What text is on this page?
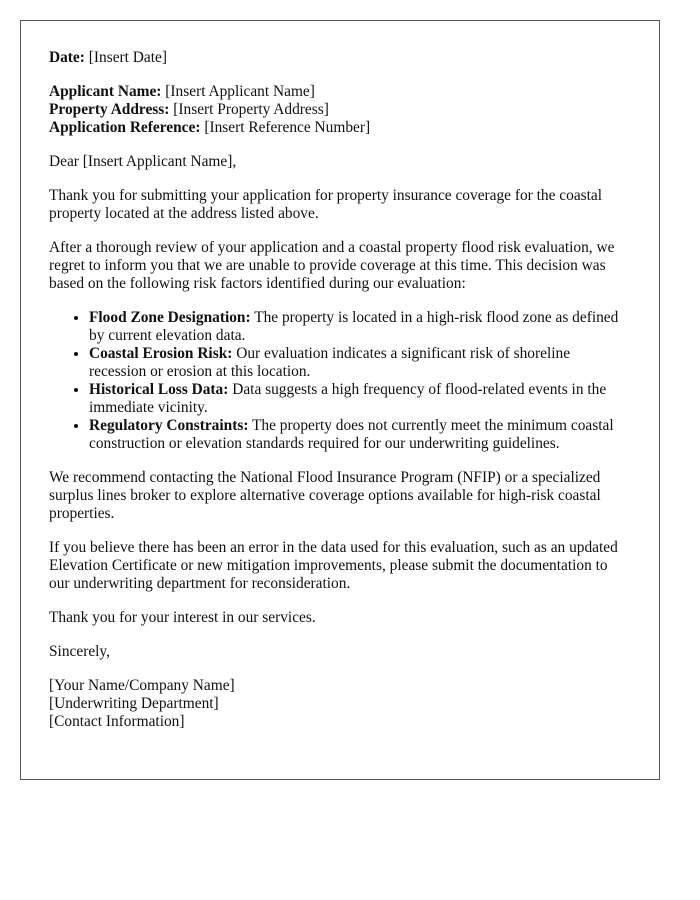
Date: [Insert Date]

Applicant Name: [Insert Applicant Name]
Property Address: [Insert Property Address]
Application Reference: [Insert Reference Number]

Dear [Insert Applicant Name],

Thank you for submitting your application for property insurance coverage for the coastal property located at the address listed above.

After a thorough review of your application and a coastal property flood risk evaluation, we regret to inform you that we are unable to provide coverage at this time. This decision was based on the following risk factors identified during our evaluation:

• Flood Zone Designation: The property is located in a high-risk flood zone as defined by current elevation data.
• Coastal Erosion Risk: Our evaluation indicates a significant risk of shoreline recession or erosion at this location.
• Historical Loss Data: Data suggests a high frequency of flood-related events in the immediate vicinity.
• Regulatory Constraints: The property does not currently meet the minimum coastal construction or elevation standards required for our underwriting guidelines.

We recommend contacting the National Flood Insurance Program (NFIP) or a specialized surplus lines broker to explore alternative coverage options available for high-risk coastal properties.

If you believe there has been an error in the data used for this evaluation, such as an updated Elevation Certificate or new mitigation improvements, please submit the documentation to our underwriting department for reconsideration.

Thank you for your interest in our services.

Sincerely,

[Your Name/Company Name]
[Underwriting Department]
[Contact Information]
